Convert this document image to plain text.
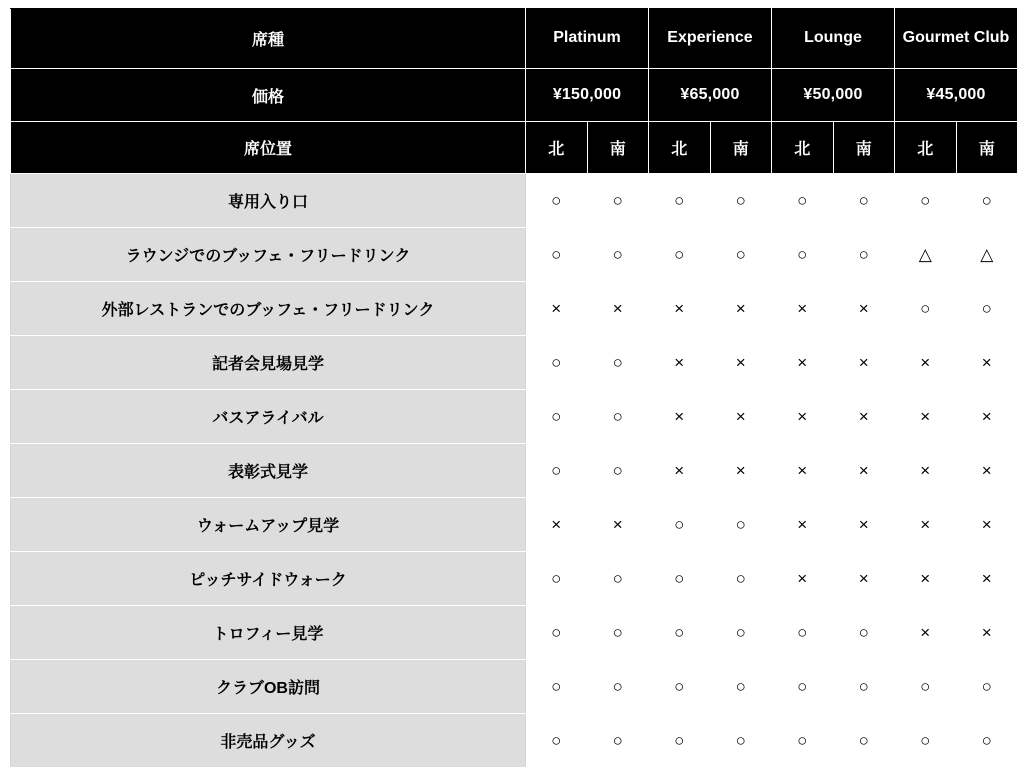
席種	Platinum		Experience		Lounge		Gourmet Club	
価格	¥150,000		¥65,000		¥50,000		¥45,000	
席位置	北	南	北	南	北	南	北	南
専用入り口	○	○	○	○	○	○	○	○
ラウンジでのブッフェ・フリードリンク	○	○	○	○	○	○	△	△
外部レストランでのブッフェ・フリードリンク	×	×	×	×	×	×	○	○
記者会見場見学	○	○	×	×	×	×	×	×
バスアライバル	○	○	×	×	×	×	×	×
表彰式見学	○	○	×	×	×	×	×	×
ウォームアップ見学	×	×	○	○	×	×	×	×
ピッチサイドウォーク	○	○	○	○	×	×	×	×
トロフィー見学	○	○	○	○	○	○	×	×
クラブOB訪問	○	○	○	○	○	○	○	○
非売品グッズ	○	○	○	○	○	○	○	○
